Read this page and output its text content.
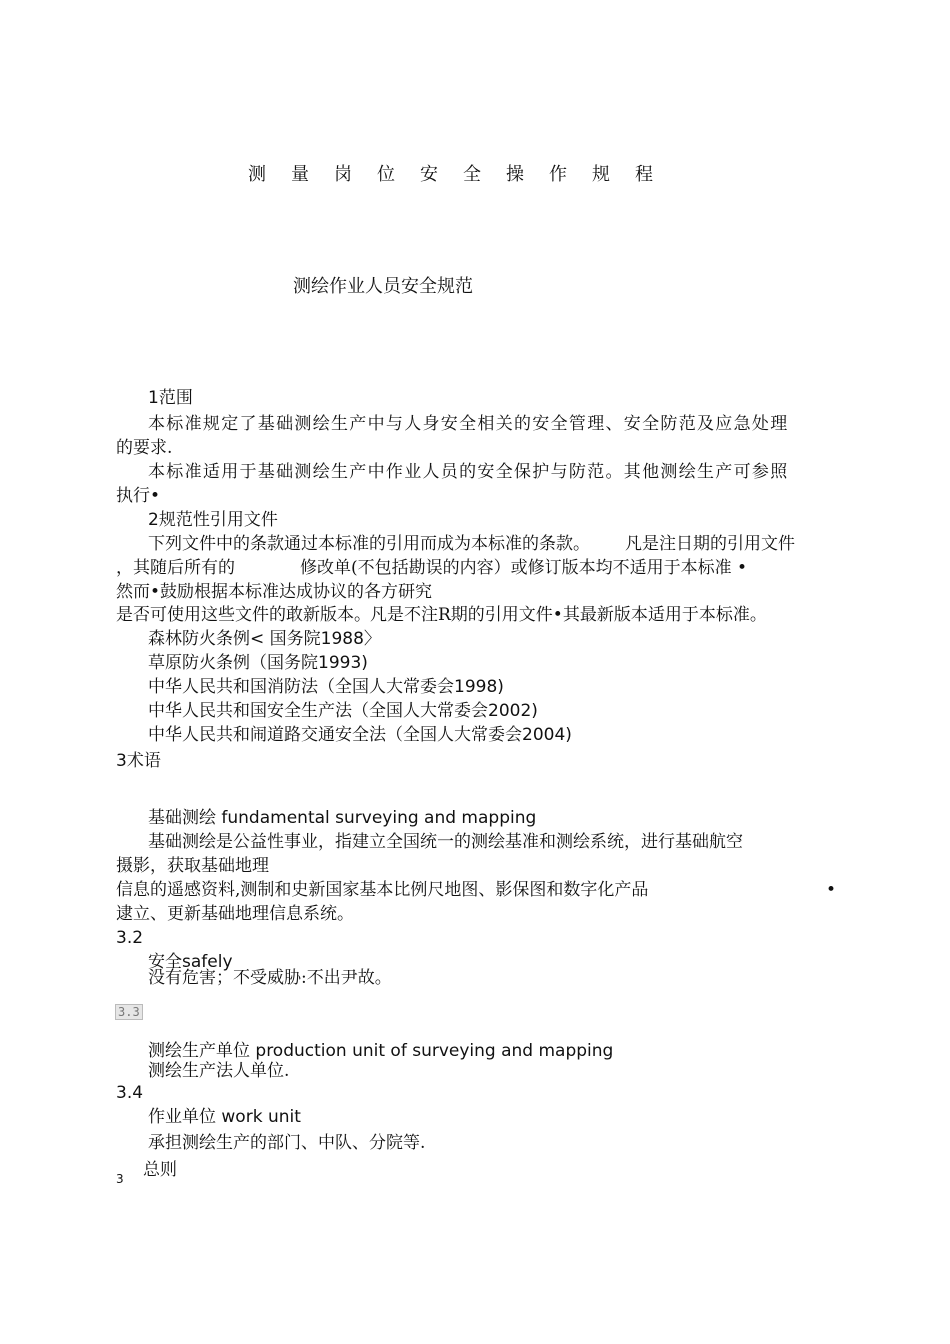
测量岗位安全操作规程
测绘作业人员安全规范
1范围
本标准规定了基础测绘生产中与人身安全相关的安全管理、安全防范及应急处理
的要求.
本标准适用于基础测绘生产中作业人员的安全保护与防范。其他测绘生产可参照
执行•
2规范性引用文件
下列文件中的条款通过本标准的引用而成为本标准的条款。 凡是注日期的引用文件
，其随后所有的	修改单(不包括勘误的内容）或修订版本均不适用于本标准 •
然而•鼓励根据本标准达成协议的各方研究
是否可使用这些文件的敢新版本。 凡是不注R期的引用文件•其最新版本适用于本标准。
森林防火条例< 国务院1988〉
草原防火条例（国务院1993)
中华人民共和国消防法（全国人大常委会1998)
中华人民共和国安全生产法（全国人大常委会2002)
中华人民共和闹道路交通安全法（全国人大常委会2004)
3术语
基础测绘 fundamental surveying and mapping
基础测绘是公益性事业，指建立全国统一的测绘基准和测绘系统，进行基础航空
摄影，获取基础地理
信息的遥感资料,测制和史新国家基本比例尺地图、影保图和数字化产品	•
逮立、更新基础地理信息系统。
3.2
安全safely
没有危害；不受威胁:不出尹故。
3.3
测绘生产单位 production unit of surveying and mapping
测绘生产法人单位.
3.4
作业单位 work unit
承担测绘生产的部门、中队、分院等.
3 总则
